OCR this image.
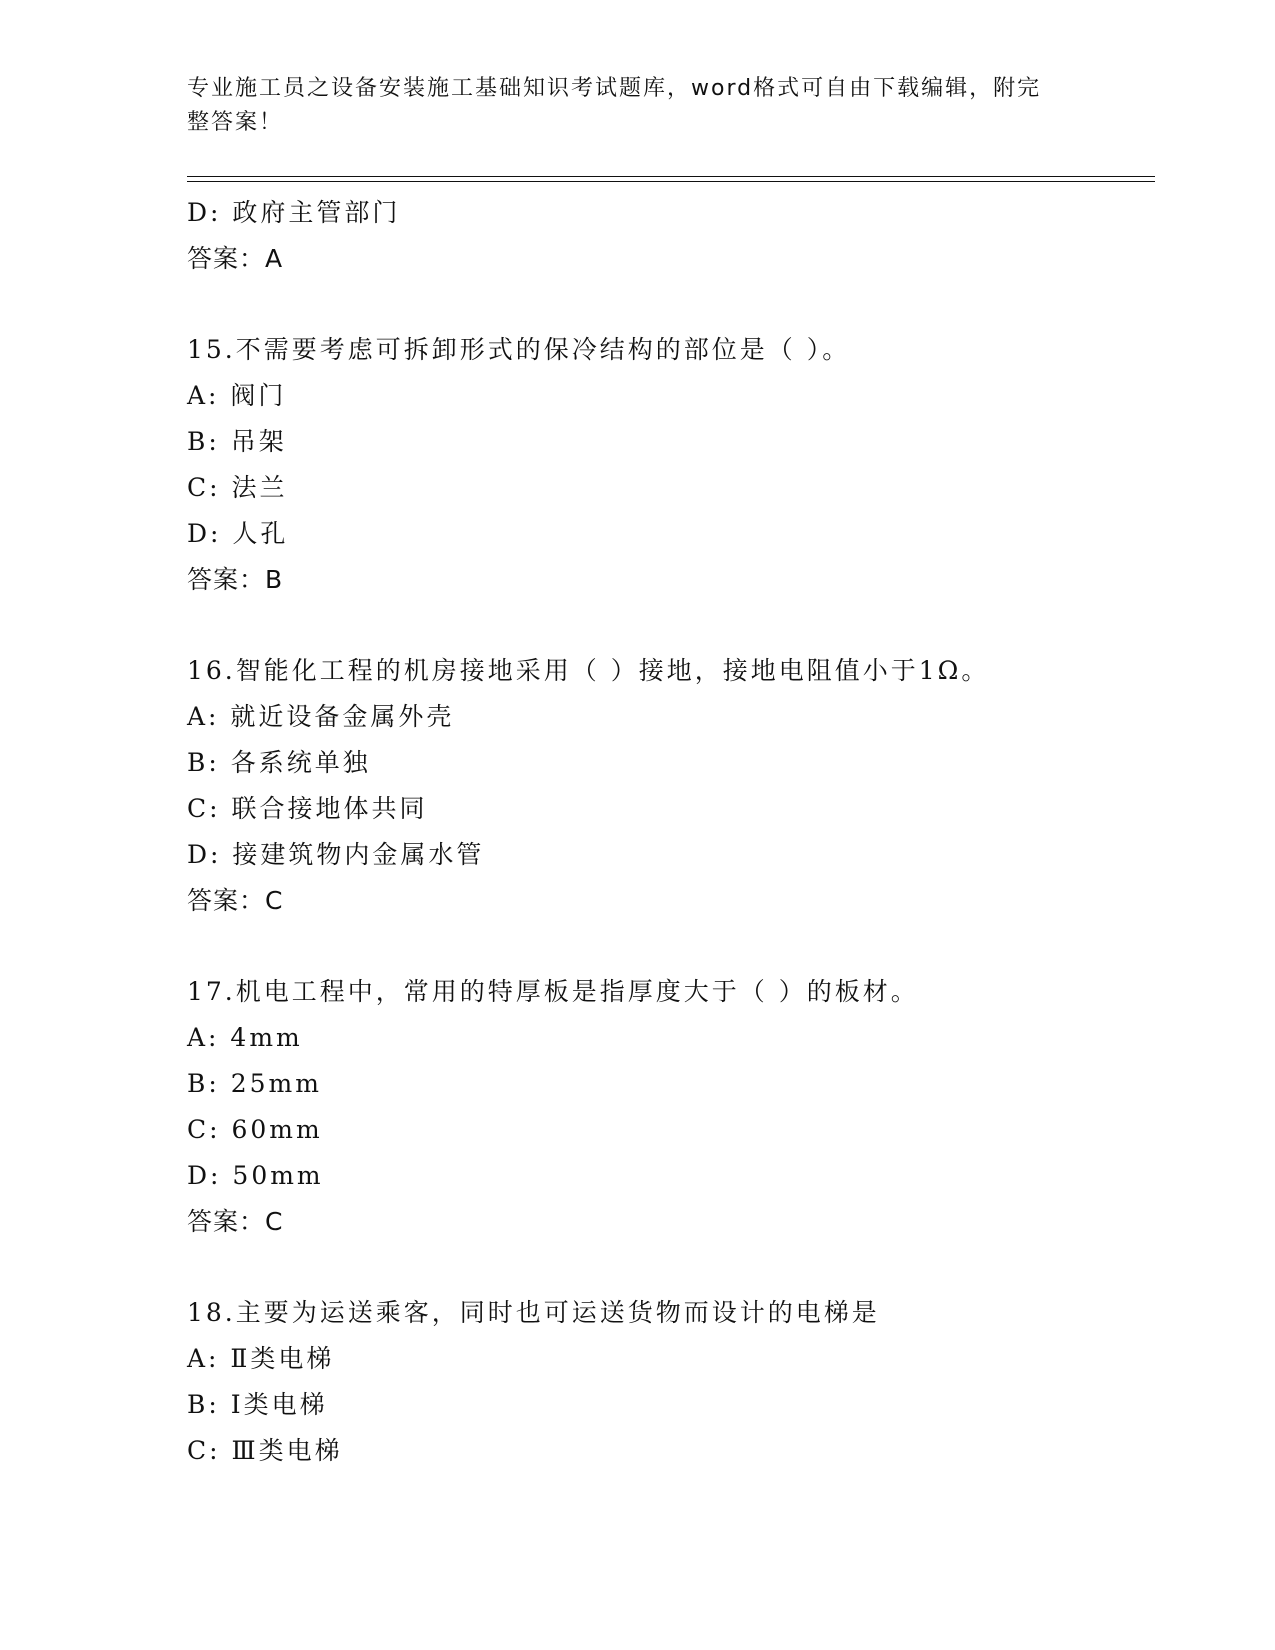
专业施工员之设备安装施工基础知识考试题库，word格式可自由下载编辑，附完
整答案！
D: 政府主管部门
答案：A
15.不需要考虑可拆卸形式的保冷结构的部位是（ ）。
A: 阀门
B: 吊架
C: 法兰
D: 人孔
答案：B
16.智能化工程的机房接地采用（ ）接地，接地电阻值小于1Ω。
A: 就近设备金属外壳
B: 各系统单独
C: 联合接地体共同
D: 接建筑物内金属水管
答案：C
17.机电工程中，常用的特厚板是指厚度大于（ ）的板材。
A: 4mm
B: 25mm
C: 60mm
D: 50mm
答案：C
18.主要为运送乘客，同时也可运送货物而设计的电梯是
A: Ⅱ类电梯
B: Ⅰ类电梯
C: Ⅲ类电梯
